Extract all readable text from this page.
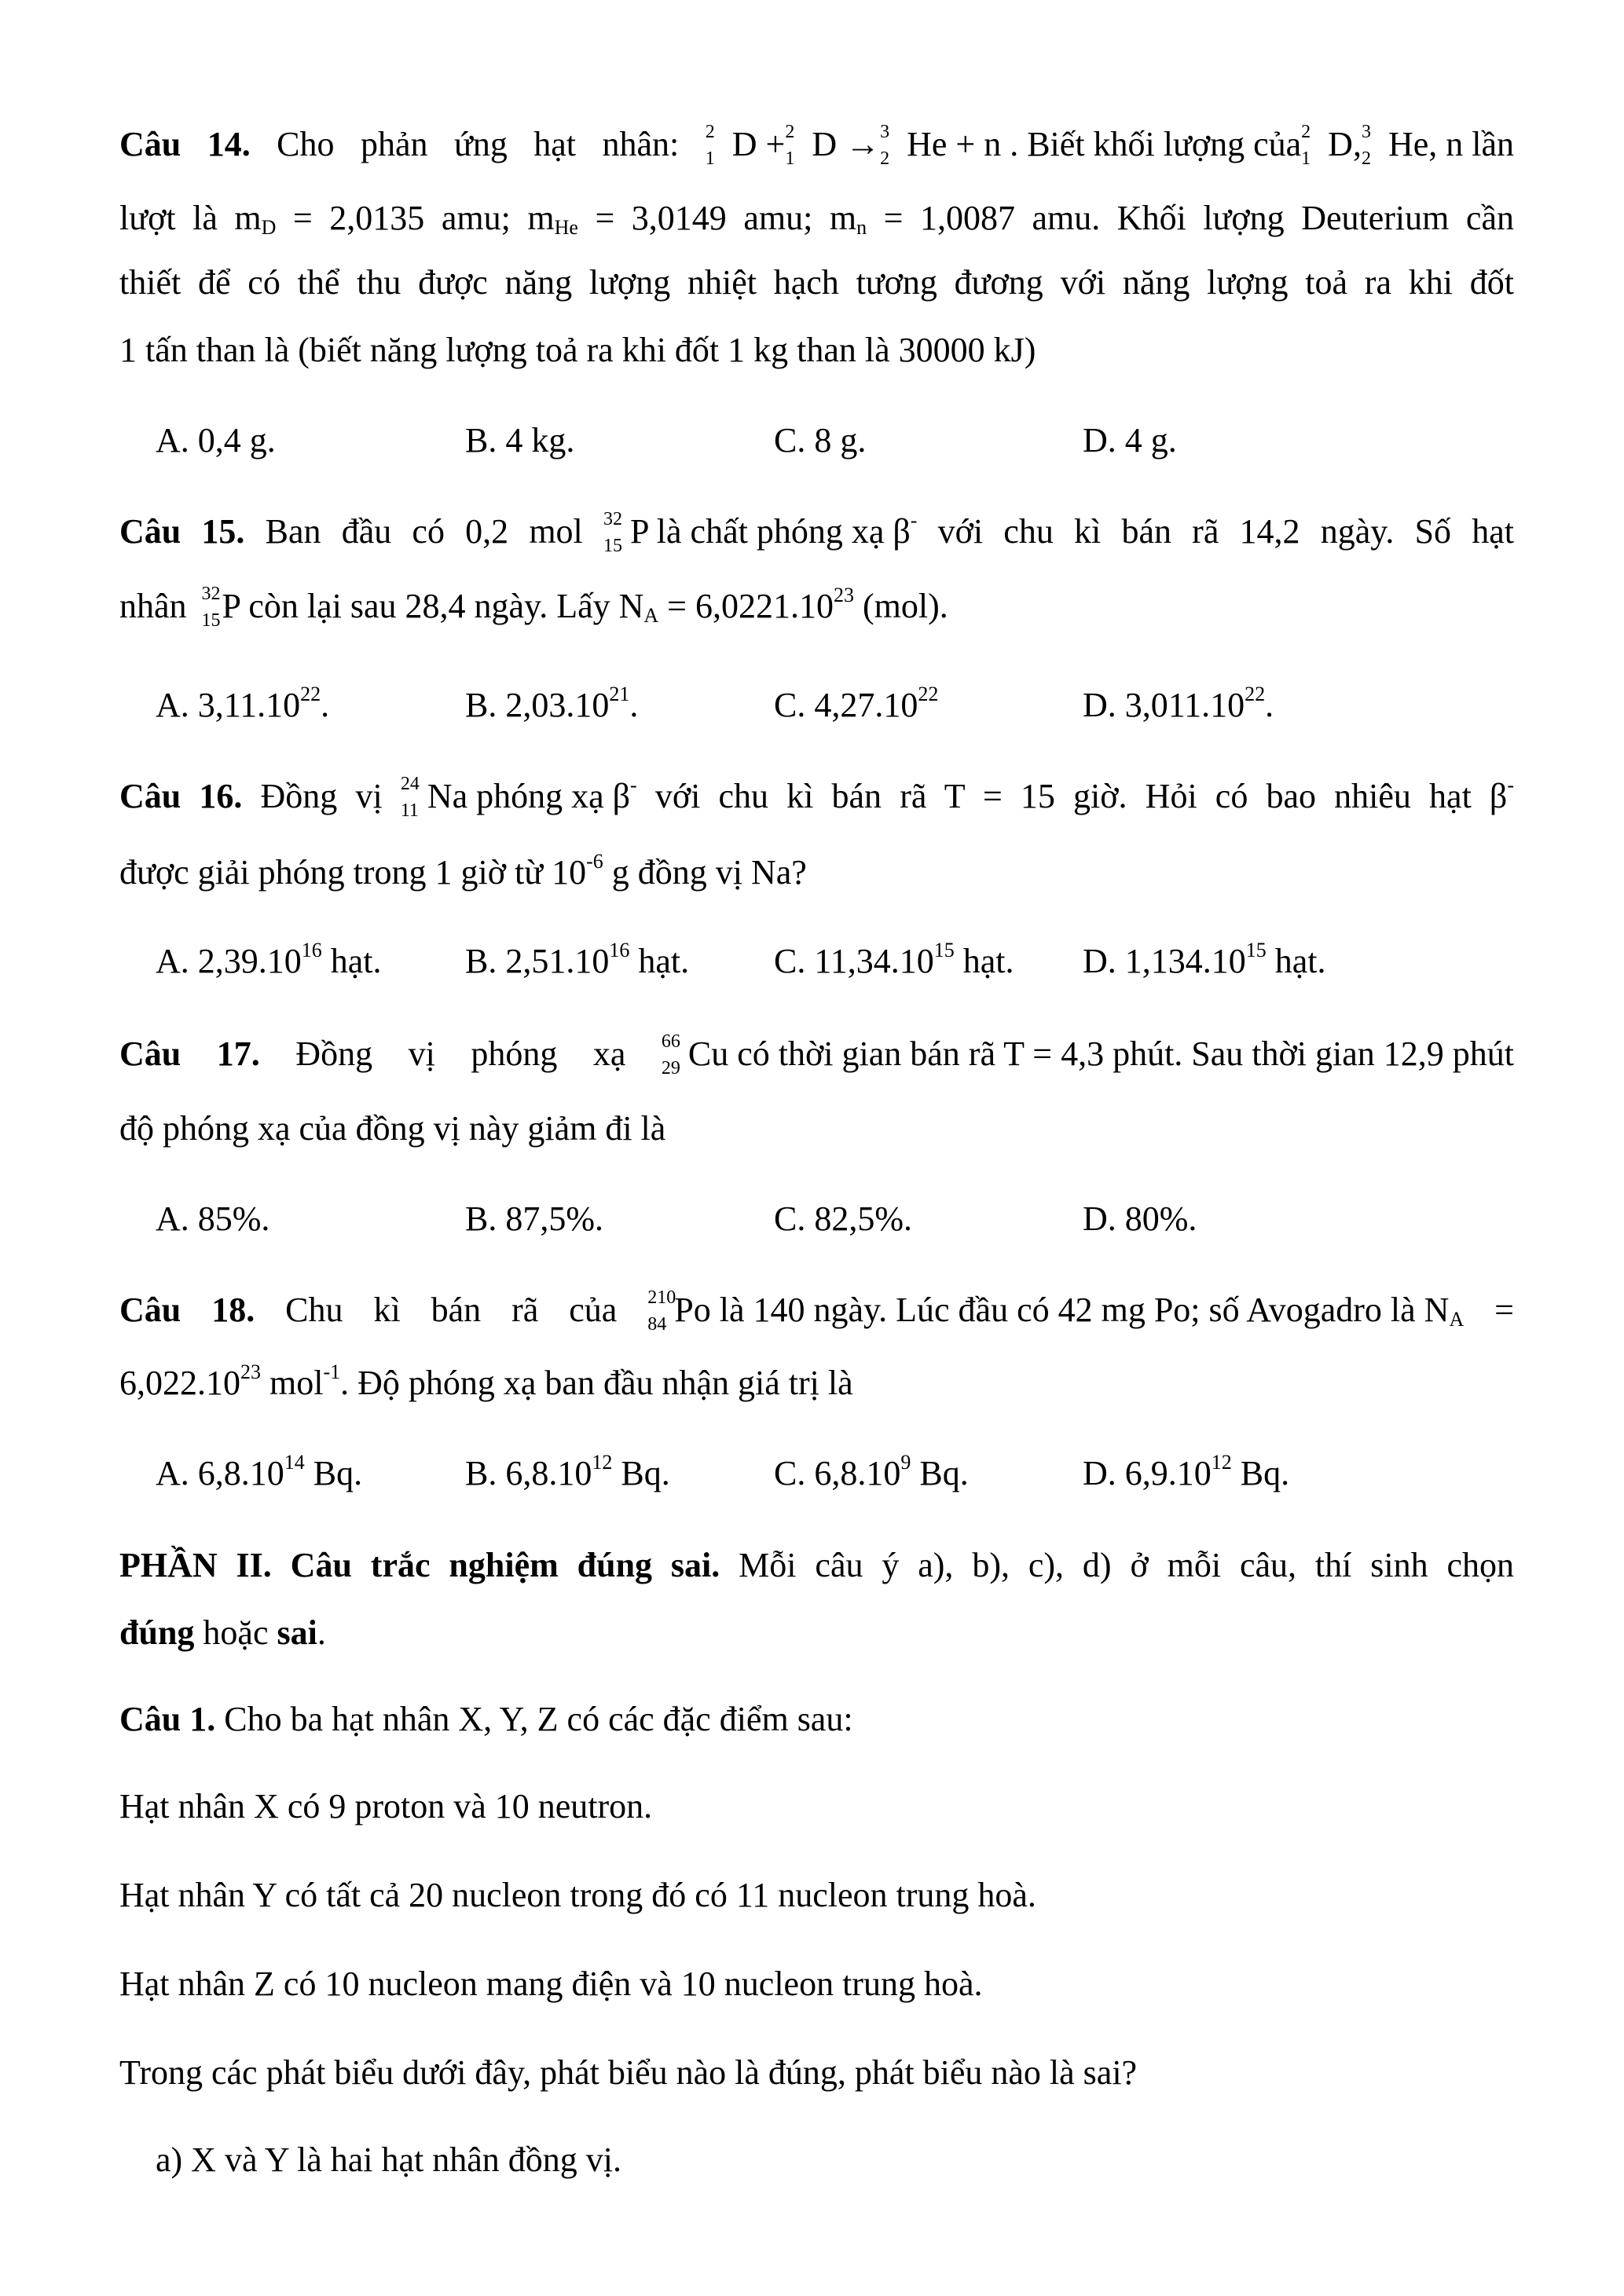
Câu 14. Cho phản ứng hạt nhân: 2
1 D + 2
1 D → 3
2 He + n . Biết khối lượng của 2
1 D, 3
2 He, n lần
lượt là $m_D = 2,0135$ amu; $m_{He} = 3,0149$ amu; $m_n = 1,0087$ amu. Khối lượng Deuterium cần
thiết để có thể thu được năng lượng nhiệt hạch tương đương với năng lượng toả ra khi đốt
1 tấn than là (biết năng lượng toả ra khi đốt 1 kg than là 30000 kJ)
A. 0,4 g.	B. 4 kg.	C. 8 g.	D. 4 g.
Câu 15. Ban đầu có 0,2 mol 32
15 P là chất phóng xạ β- với chu kì bán rã 14,2 ngày. Số hạt
nhân 32
15 P còn lại sau 28,4 ngày. Lấy $N_A = 6,0221.10^{23}$ (mol).
A. 3,11.10$^{22}$.	B. 2,03.10$^{21}$.	C. 4,27.10$^{22}$	D. 3,011.10$^{22}$.
Câu 16. Đồng vị 24
11 Na phóng xạ β- với chu kì bán rã T = 15 giờ. Hỏi có bao nhiêu hạt β-
được giải phóng trong 1 giờ từ $10^{-6}$ g đồng vị Na?
A. 2,39.10$^{16}$ hạt. B. 2,51.10$^{16}$ hạt. C. 11,34.10$^{15}$ hạt. D. 1,134.10$^{15}$ hạt.
Câu 17. Đồng vị phóng xạ 66
29 Cu có thời gian bán rã T = 4,3 phút. Sau thời gian 12,9 phút
độ phóng xạ của đồng vị này giảm đi là
A. 85%.	B. 87,5%.	C. 82,5%.	D. 80%.
Câu 18. Chu kì bán rã của 210
84 Po là 140 ngày. Lúc đầu có 42 mg Po; số Avogadro là $N_A$ =
$6,022.10^{23}$ mol$^{-1}$. Độ phóng xạ ban đầu nhận giá trị là
A. 6,8.10$^{14}$ Bq.	B. 6,8.10$^{12}$ Bq.	C. 6,8.10$^9$ Bq.	D. 6,9.10$^{12}$ Bq.
PHẦN II. Câu trắc nghiệm đúng sai. Mỗi câu ý a), b), c), d) ở mỗi câu, thí sinh chọn
đúng hoặc sai.
Câu 1. Cho ba hạt nhân X, Y, Z có các đặc điểm sau:
Hạt nhân X có 9 proton và 10 neutron.
Hạt nhân Y có tất cả 20 nucleon trong đó có 11 nucleon trung hoà.
Hạt nhân Z có 10 nucleon mang điện và 10 nucleon trung hoà.
Trong các phát biểu dưới đây, phát biểu nào là đúng, phát biểu nào là sai?
a) X và Y là hai hạt nhân đồng vị.
